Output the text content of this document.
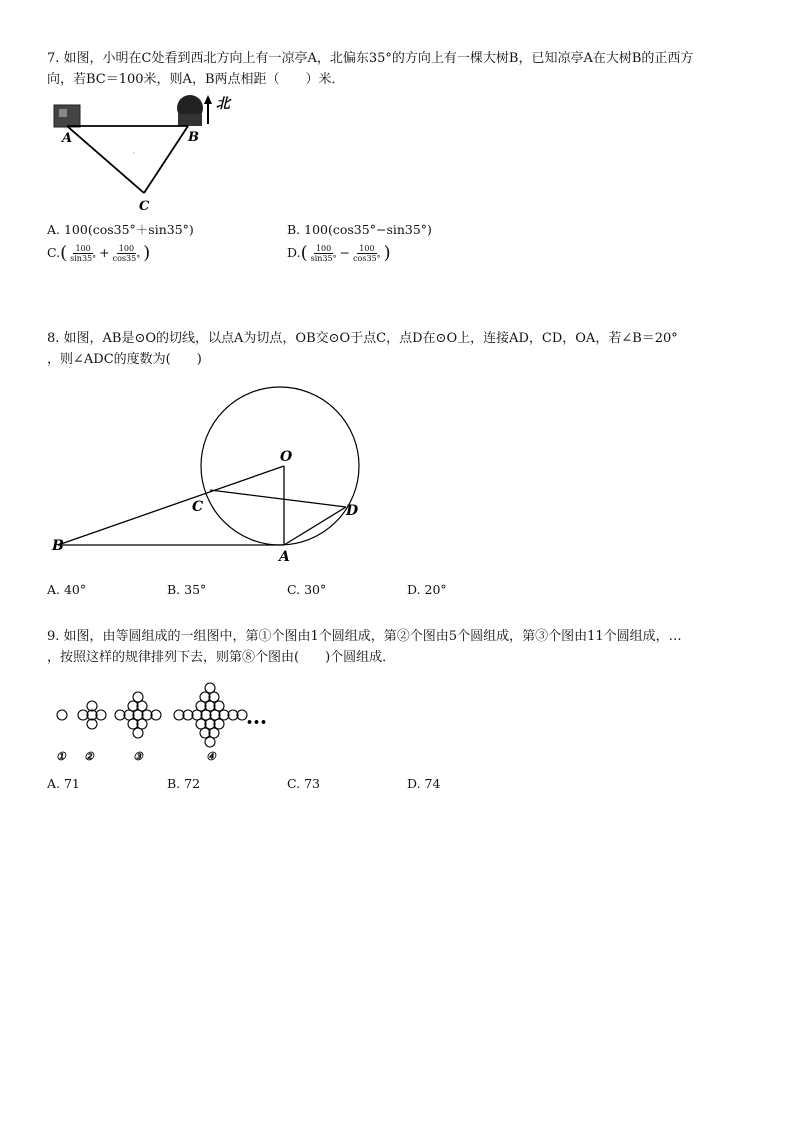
7. 如图，小明在C处看到西北方向上有一凉亭A，北偏东35°的方向上有一棵大树B，已知凉亭A在大树B的正西方

向，若BC＝100米，则A，B两点相距（　　）米．

北
·
A	B
C
A. 100(cos35°＋sin35°)	B. 100(cos35°−sin35°)
$C.( \frac{100}{\sin 35^\circ} + \frac{100}{\cos 35^\circ}$ )	$D.( \frac{100}{\sin 35^\circ} - \frac{100}{\cos 35^\circ}$ )

8. 如图，AB是⊙O的切线，以点A为切点，OB交⊙O于点C，点D在⊙O上，连接AD，CD，OA，若∠B＝20°

，则∠ADC的度数为(　　)

O
C	D
B
A
A. 40°	B. 35°	C. 30°	D. 20°

9. 如图，由等圆组成的一组图中，第①个图由1个圆组成，第②个图由5个圆组成，第③个图由11个圆组成，…

，按照这样的规律排列下去，则第⑧个图由(　　)个圆组成．

•••
① ②	③	④
A. 71	B. 72	C. 73	D. 74
